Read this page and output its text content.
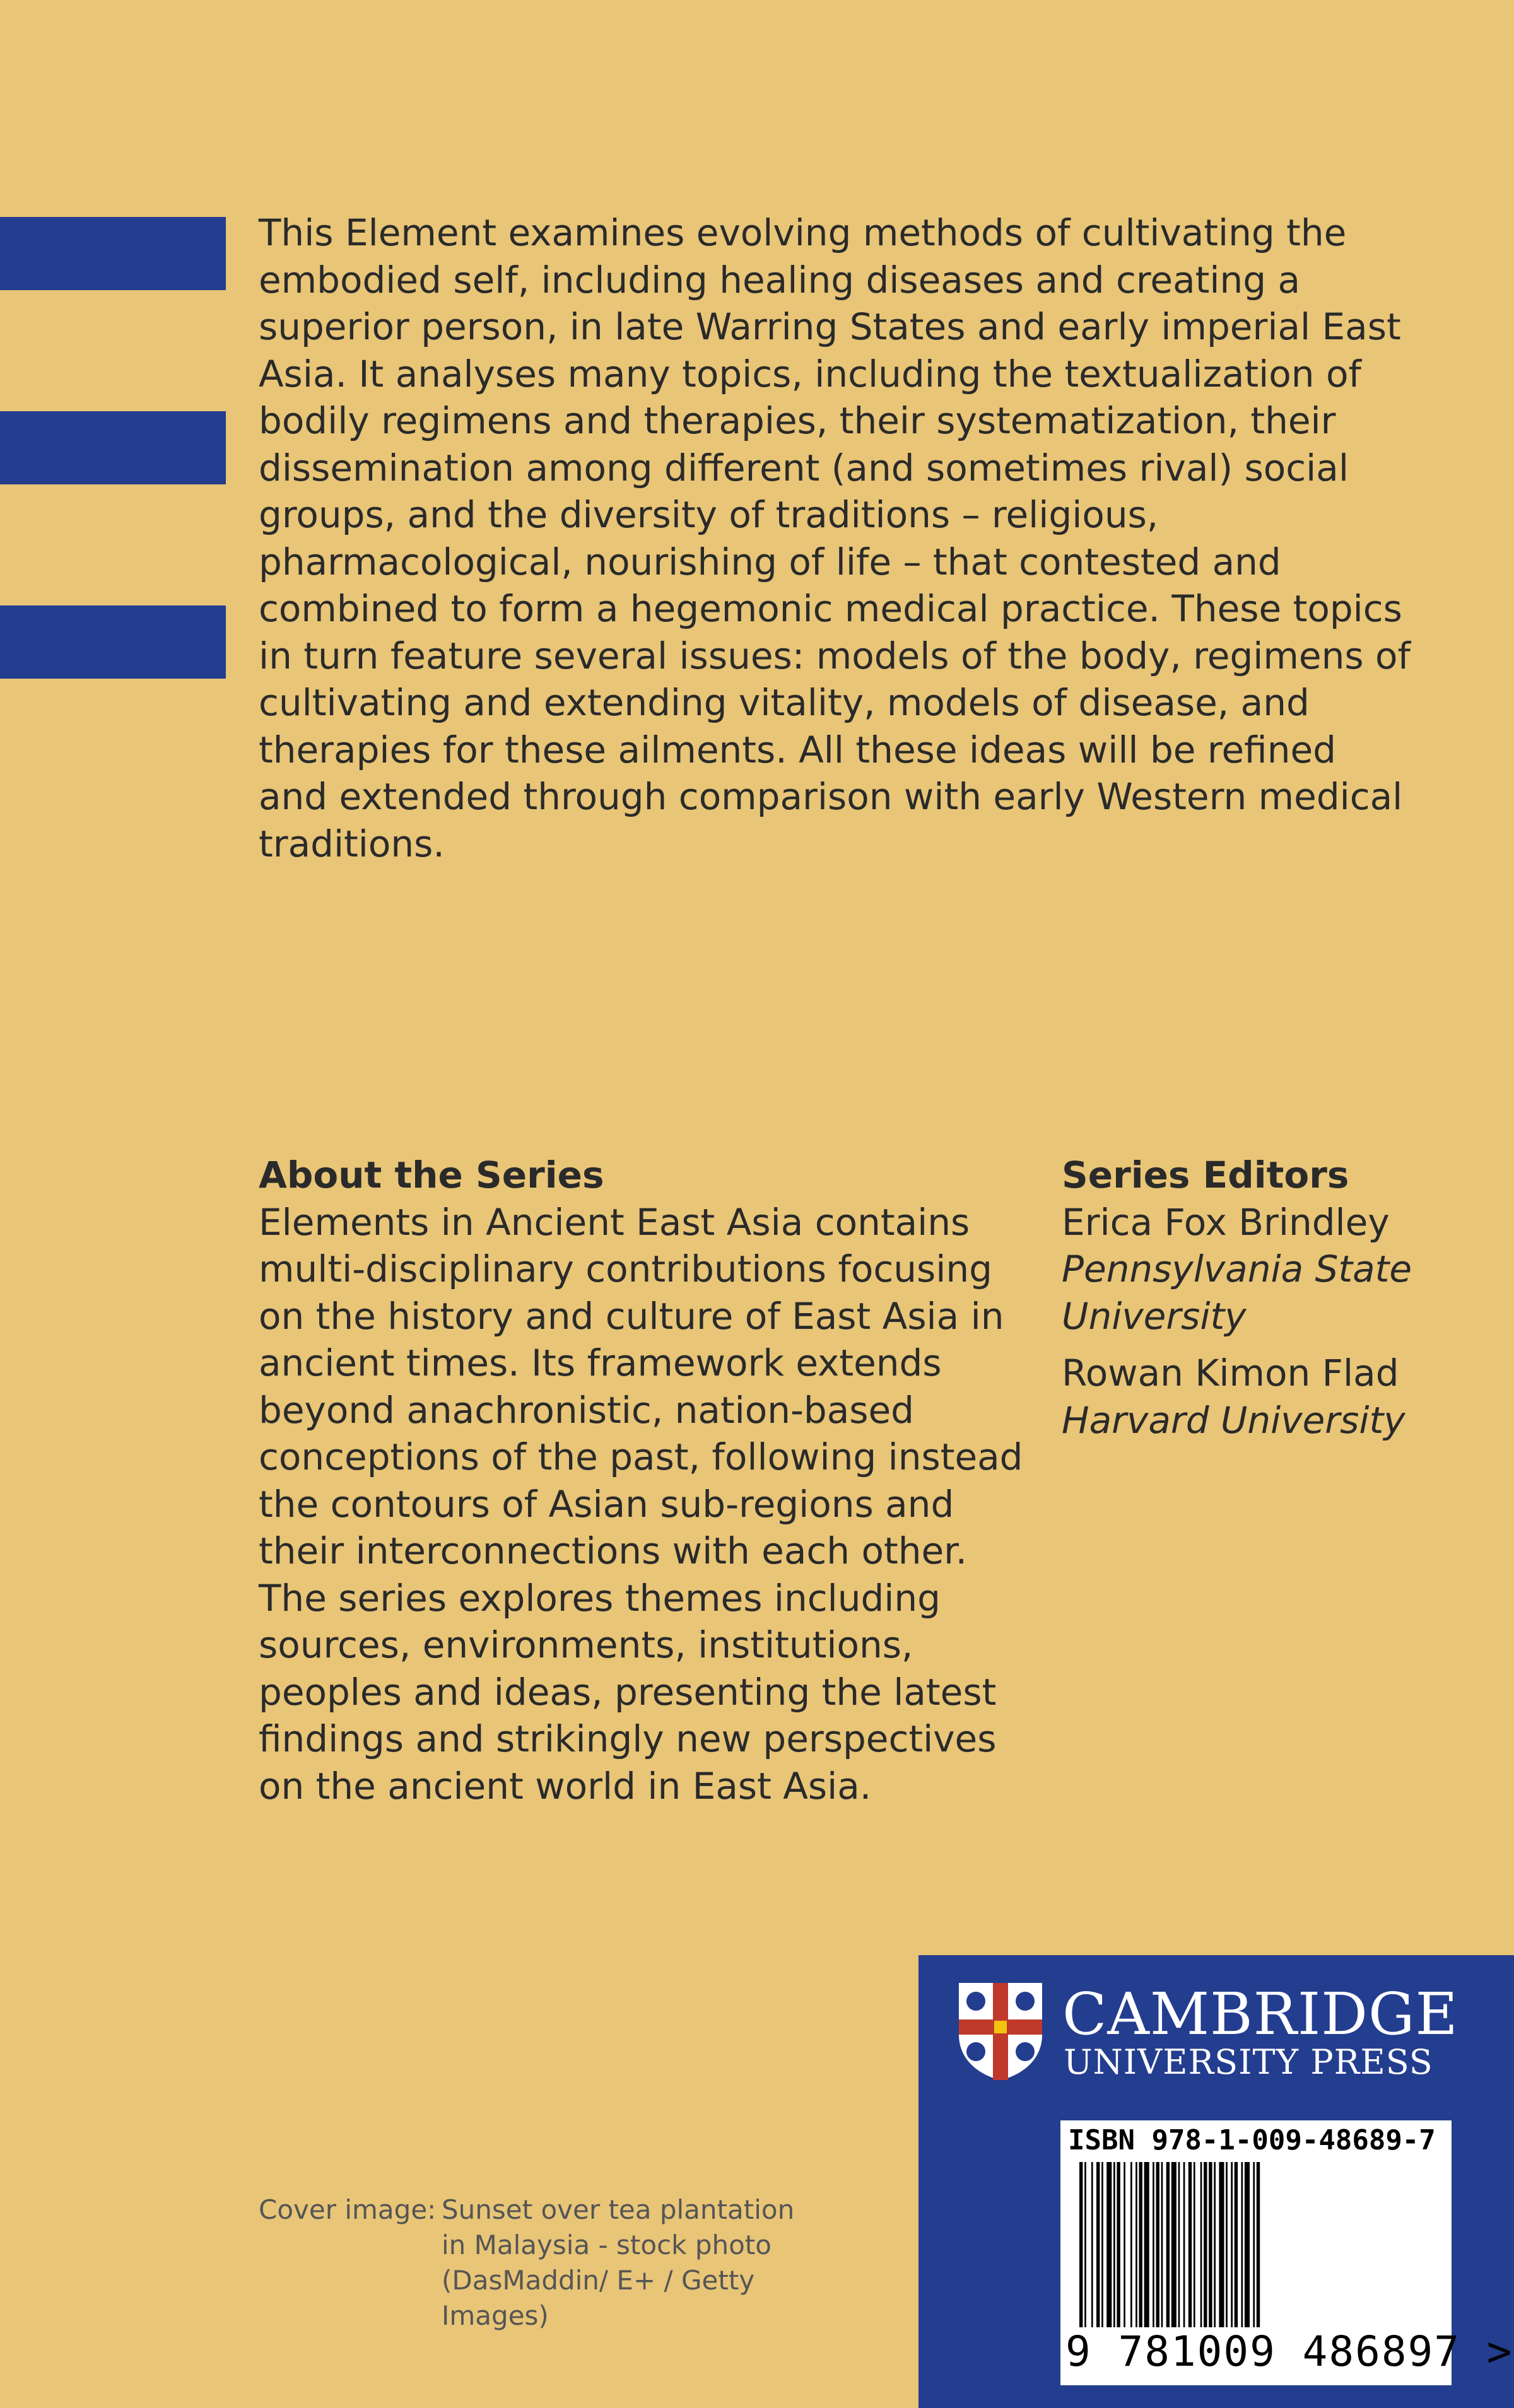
This Element examines evolving methods of cultivating the embodied self, including healing diseases and creating a superior person, in late Warring States and early imperial East Asia. It analyses many topics, including the textualization of bodily regimens and therapies, their systematization, their dissemination among different (and sometimes rival) social groups, and the diversity of traditions – religious, pharmacological, nourishing of life – that contested and combined to form a hegemonic medical practice. These topics in turn feature several issues: models of the body, regimens of cultivating and extending vitality, models of disease, and therapies for these ailments. All these ideas will be refined and extended through comparison with early Western medical traditions.

About the Series

Elements in Ancient East Asia contains multi-disciplinary contributions focusing on the history and culture of East Asia in ancient times. Its framework extends beyond anachronistic, nation-based conceptions of the past, following instead the contours of Asian sub-regions and their interconnections with each other. The series explores themes including sources, environments, institutions, peoples and ideas, presenting the latest findings and strikingly new perspectives on the ancient world in East Asia.

Series Editors
Erica Fox Brindley
Pennsylvania State University
Rowan Kimon Flad
Harvard University
Cover image: Sunset over tea plantation in Malaysia - stock photo (DasMaddin/ E+ / Getty Images)
CAMBRIDGE
UNIVERSITY PRESS
ISBN 978-1-009-48689-7
9 781009 486897 >
